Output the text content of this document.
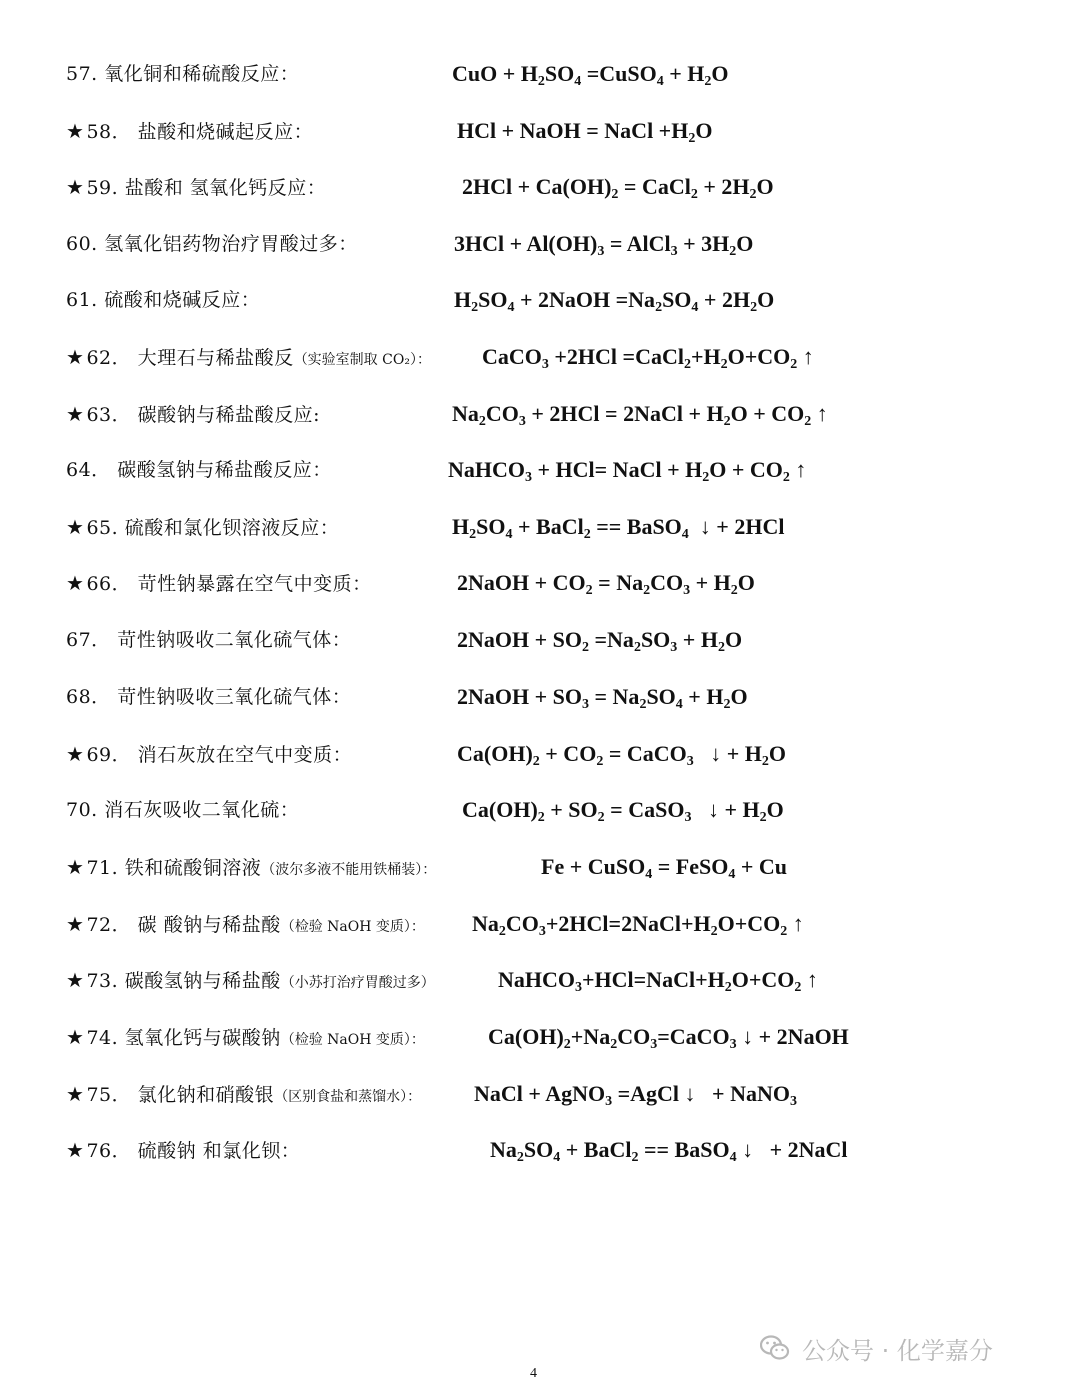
57. 氧化铜和稀硫酸反应：	CuO + $H_2SO_4$ =CuSO$_4$ + $H_2O$
★ 58． 盐酸和烧碱起反应：	HCl + NaOH = NaCl $+H_2O$
★ 59. 盐酸和 氢氧化钙反应：	$2HCl + Ca(OH)_2$ = CaCl$_2$ + $2H_2O$
60. 氢氧化铝药物治疗胃酸过多：	$3HCl + Al(OH)_3$ = AlCl$_3$ + $3H_2O$
61. 硫酸和烧碱反应：	$H_2SO_4$ + 2NaOH $=Na_2SO_4 + 2H_2O$
★ 62． 大理石与稀盐酸反（实验室制取 CO₂）： CaCO$_3$ $+2HCl =CaCl_2+H_2O+CO_2$ ↑
★ 63． 碳酸钠与稀盐酸反应:	$Na_2CO_3 + 2HCl$ = 2NaCl + $H_2O + CO_2$ ↑
64． 碳酸氢钠与稀盐酸反应：	NaHCO$_3$ + HCl= NaCl + $H_2O + CO_2$ ↑
★ 65. 硫酸和氯化钡溶液反应：	$H_2SO_4$ + BaCl$_2$ == BaSO$_4$ ↓ + 2HCl
★ 66． 苛性钠暴露在空气中变质：	2NaOH + $CO_2 = Na_2CO_3 + H_2O$
67． 苛性钠吸收二氧化硫气体：	2NaOH + $SO_2 =Na_2SO_3 + H_2O$
68． 苛性钠吸收三氧化硫气体：	2NaOH + $SO_3 = Na_2SO_4 + H_2O$
★ 69． 消石灰放在空气中变质：	$Ca(OH)_2 + CO_2$ = CaCO$_3$ ↓ + $H_2O$
70. 消石灰吸收二氧化硫：	$Ca(OH)_2 + SO_2$ = CaSO$_3$ ↓ + $H_2O$
★ 71. 铁和硫酸铜溶液（波尔多液不能用铁桶装）：	Fe + CuSO$_4$ = FeSO$_4$ + Cu
★ 72． 碳 酸钠与稀盐酸（检验 NaOH 变质）： $Na_2CO_3+2HCl=2NaCl+H_2O+CO_2$ ↑
★ 73. 碳酸氢钠与稀盐酸（小苏打治疗胃酸过多）	$NaHCO_3+HCl=NaCl+H_2O+CO_2$ ↑
★ 74. 氢氧化钙与碳酸钠（检验 NaOH 变质）：	$Ca(OH)_2+Na_2CO_3=CaCO_3$ ↓ + 2NaOH
★ 75． 氯化钠和硝酸银（区别食盐和蒸馏水）： NaCl + AgNO$_3$ =AgCl ↓   + NaNO$_3$
★ 76． 硫酸钠 和氯化钡：	$Na_2SO_4$ + BaCl$_2$ == BaSO$_4$ ↓   + 2NaCl
4
公众号 · 化学嘉分
